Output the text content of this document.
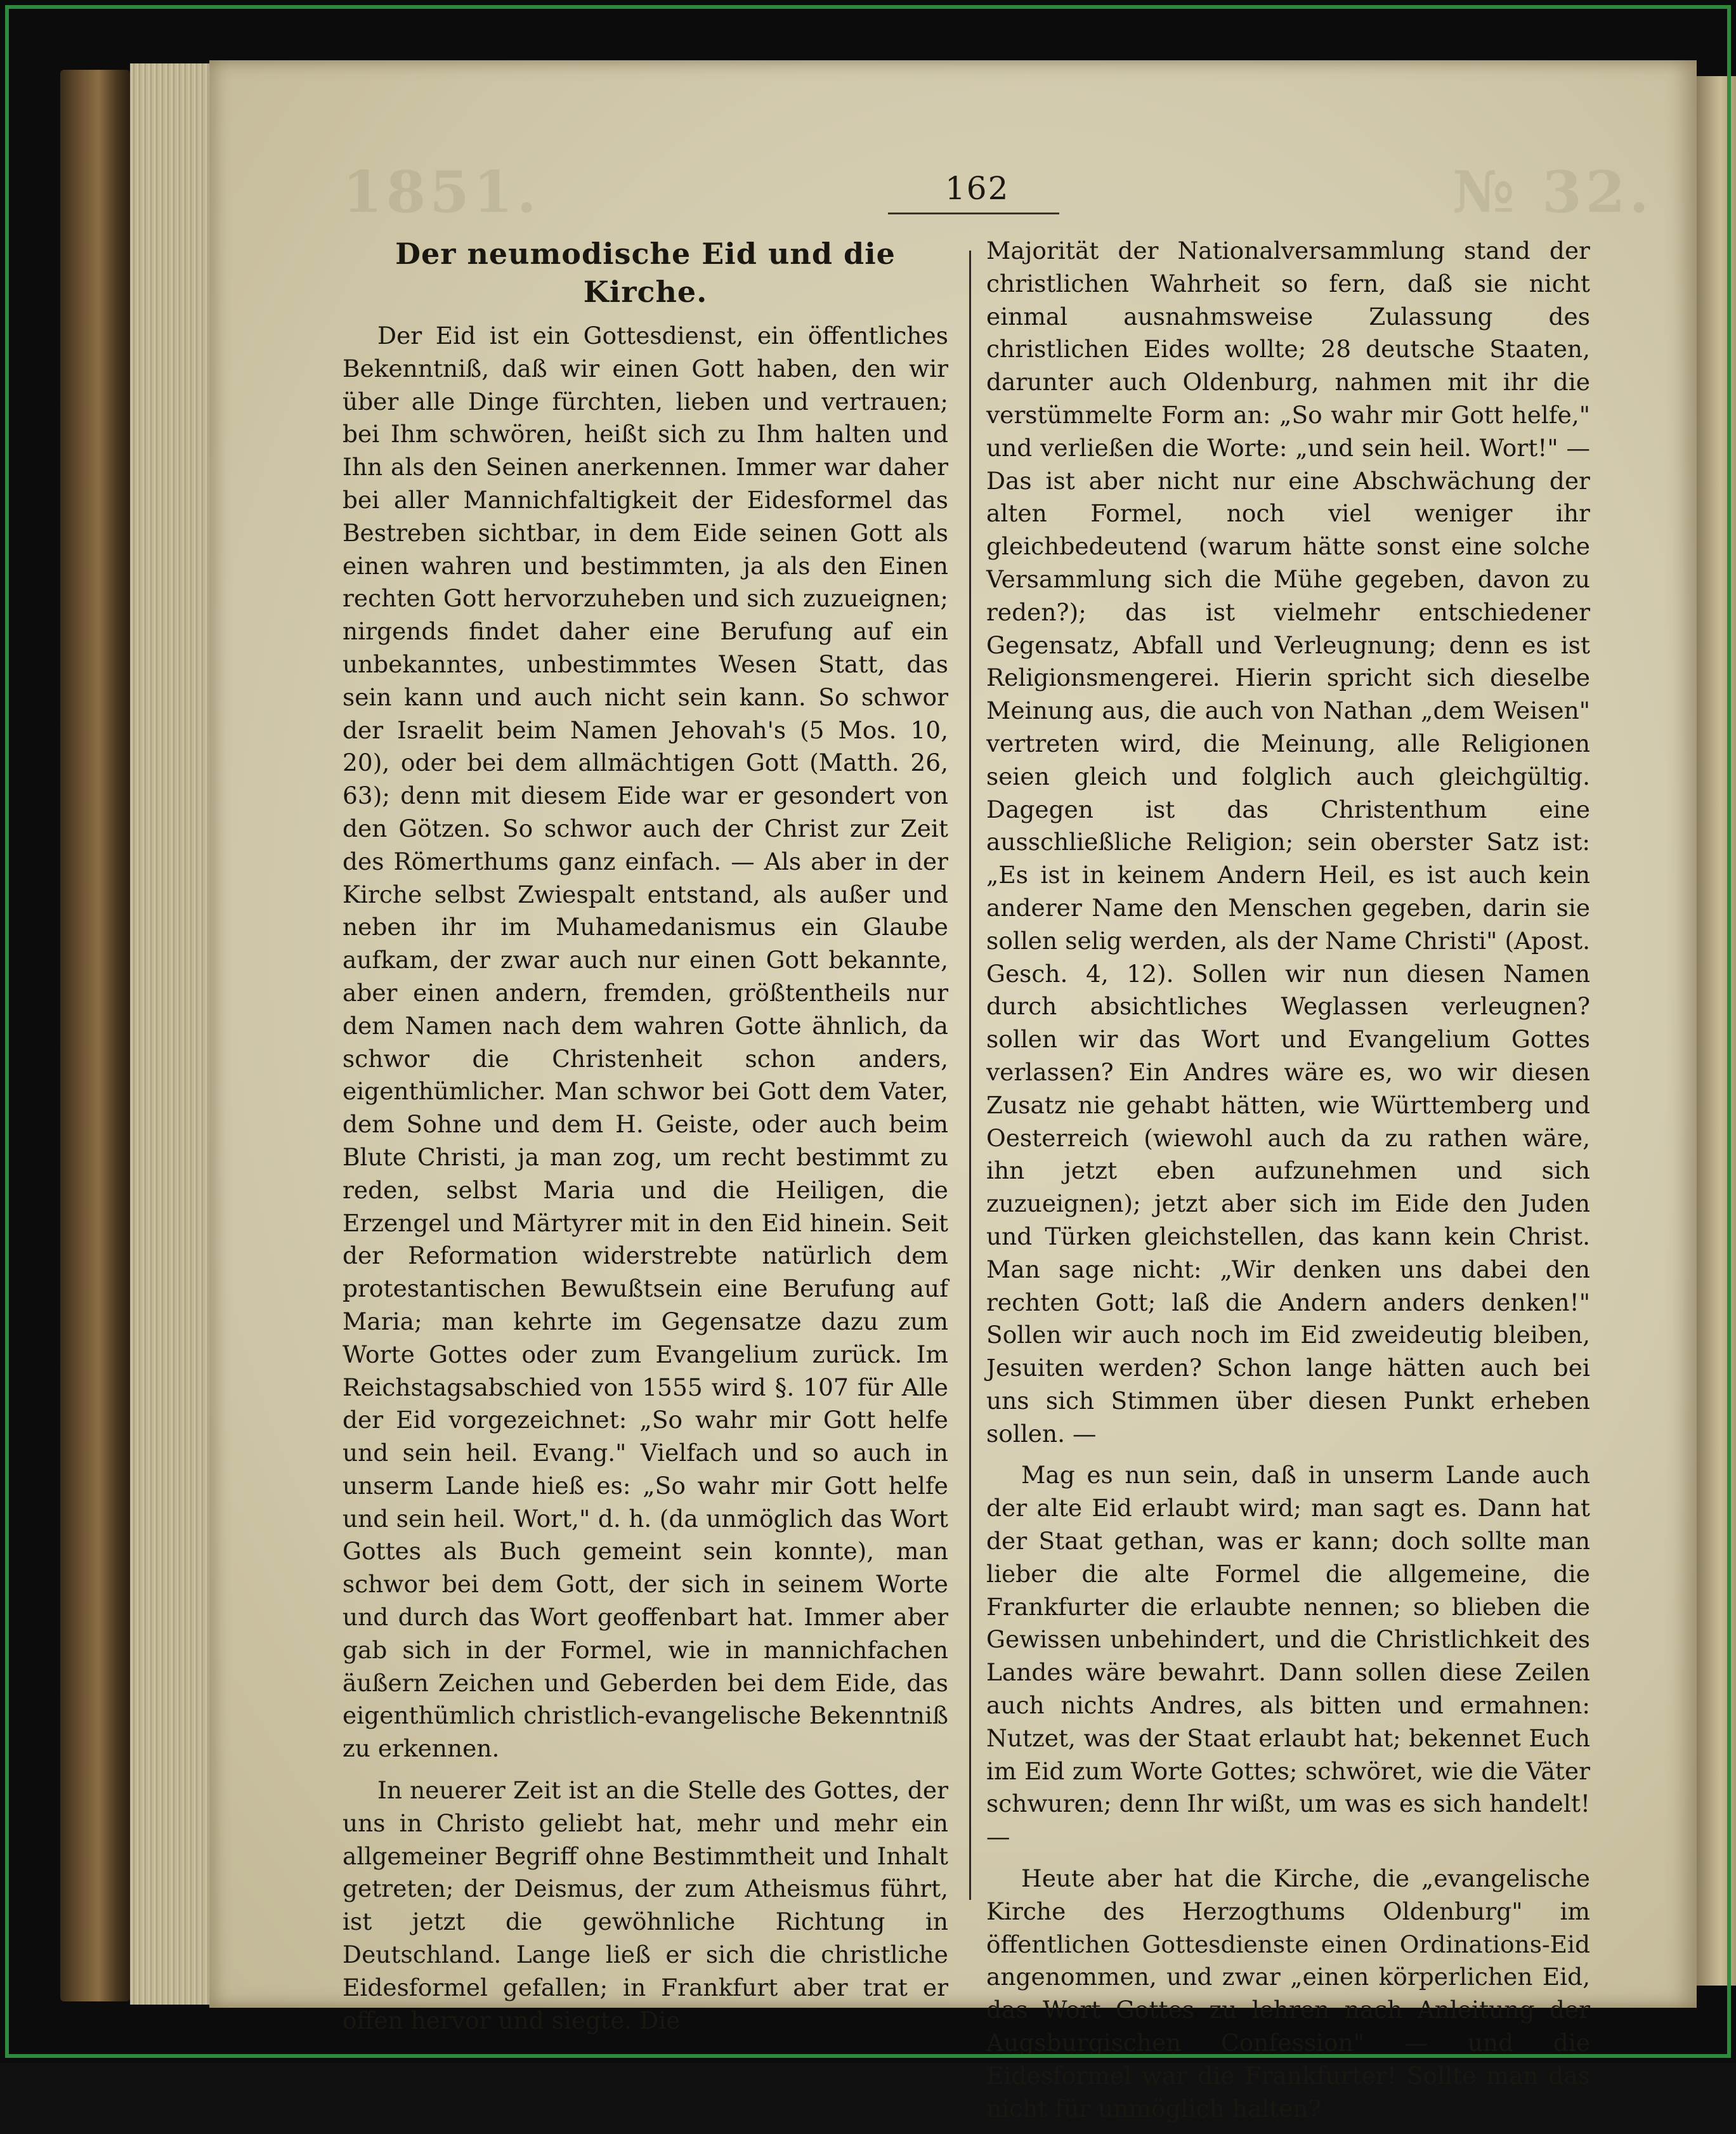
1851.	№ 32.
162
Der neumodische Eid und die Kirche.

Der Eid ist ein Gottesdienst, ein öffentliches Bekenntniß, daß wir einen Gott haben, den wir über alle Dinge fürchten, lieben und vertrauen; bei Ihm schwören, heißt sich zu Ihm halten und Ihn als den Seinen anerkennen. Immer war daher bei aller Mannichfaltigkeit der Eidesformel das Bestreben sichtbar, in dem Eide seinen Gott als einen wahren und bestimmten, ja als den Einen rechten Gott hervorzuheben und sich zuzueignen; nirgends findet daher eine Berufung auf ein unbekanntes, unbestimmtes Wesen Statt, das sein kann und auch nicht sein kann. So schwor der Israelit beim Namen Jehovah's (5 Mos. 10, 20), oder bei dem allmächtigen Gott (Matth. 26, 63); denn mit diesem Eide war er gesondert von den Götzen. So schwor auch der Christ zur Zeit des Römerthums ganz einfach. — Als aber in der Kirche selbst Zwiespalt entstand, als außer und neben ihr im Muhamedanismus ein Glaube aufkam, der zwar auch nur einen Gott bekannte, aber einen andern, fremden, größtentheils nur dem Namen nach dem wahren Gotte ähnlich, da schwor die Christenheit schon anders, eigenthümlicher. Man schwor bei Gott dem Vater, dem Sohne und dem H. Geiste, oder auch beim Blute Christi, ja man zog, um recht bestimmt zu reden, selbst Maria und die Heiligen, die Erzengel und Märtyrer mit in den Eid hinein. Seit der Reformation widerstrebte natürlich dem protestantischen Bewußtsein eine Berufung auf Maria; man kehrte im Gegensatze dazu zum Worte Gottes oder zum Evangelium zurück. Im Reichstagsabschied von 1555 wird §. 107 für Alle der Eid vorgezeichnet: „So wahr mir Gott helfe und sein heil. Evang." Vielfach und so auch in unserm Lande hieß es: „So wahr mir Gott helfe und sein heil. Wort," d. h. (da unmöglich das Wort Gottes als Buch gemeint sein konnte), man schwor bei dem Gott, der sich in seinem Worte und durch das Wort geoffenbart hat. Immer aber gab sich in der Formel, wie in mannichfachen äußern Zeichen und Geberden bei dem Eide, das eigenthümlich christlich-evangelische Bekenntniß zu erkennen.

In neuerer Zeit ist an die Stelle des Gottes, der uns in Christo geliebt hat, mehr und mehr ein allgemeiner Begriff ohne Bestimmtheit und Inhalt getreten; der Deismus, der zum Atheismus führt, ist jetzt die gewöhnliche Richtung in Deutschland. Lange ließ er sich die christliche Eidesformel gefallen; in Frankfurt aber trat er offen hervor und siegte. Die

Majorität der Nationalversammlung stand der christlichen Wahrheit so fern, daß sie nicht einmal ausnahmsweise Zulassung des christlichen Eides wollte; 28 deutsche Staaten, darunter auch Oldenburg, nahmen mit ihr die verstümmelte Form an: „So wahr mir Gott helfe," und verließen die Worte: „und sein heil. Wort!" — Das ist aber nicht nur eine Abschwächung der alten Formel, noch viel weniger ihr gleichbedeutend (warum hätte sonst eine solche Versammlung sich die Mühe gegeben, davon zu reden?); das ist vielmehr entschiedener Gegensatz, Abfall und Verleugnung; denn es ist Religionsmengerei. Hierin spricht sich dieselbe Meinung aus, die auch von Nathan „dem Weisen" vertreten wird, die Meinung, alle Religionen seien gleich und folglich auch gleichgültig. Dagegen ist das Christenthum eine ausschließliche Religion; sein oberster Satz ist: „Es ist in keinem Andern Heil, es ist auch kein anderer Name den Menschen gegeben, darin sie sollen selig werden, als der Name Christi" (Apost. Gesch. 4, 12). Sollen wir nun diesen Namen durch absichtliches Weglassen verleugnen? sollen wir das Wort und Evangelium Gottes verlassen? Ein Andres wäre es, wo wir diesen Zusatz nie gehabt hätten, wie Württemberg und Oesterreich (wiewohl auch da zu rathen wäre, ihn jetzt eben aufzunehmen und sich zuzueignen); jetzt aber sich im Eide den Juden und Türken gleichstellen, das kann kein Christ. Man sage nicht: „Wir denken uns dabei den rechten Gott; laß die Andern anders denken!" Sollen wir auch noch im Eid zweideutig bleiben, Jesuiten werden? Schon lange hätten auch bei uns sich Stimmen über diesen Punkt erheben sollen. —

Mag es nun sein, daß in unserm Lande auch der alte Eid erlaubt wird; man sagt es. Dann hat der Staat gethan, was er kann; doch sollte man lieber die alte Formel die allgemeine, die Frankfurter die erlaubte nennen; so blieben die Gewissen unbehindert, und die Christlichkeit des Landes wäre bewahrt. Dann sollen diese Zeilen auch nichts Andres, als bitten und ermahnen: Nutzet, was der Staat erlaubt hat; bekennet Euch im Eid zum Worte Gottes; schwöret, wie die Väter schwuren; denn Ihr wißt, um was es sich handelt! —

Heute aber hat die Kirche, die „evangelische Kirche des Herzogthums Oldenburg" im öffentlichen Gottesdienste einen Ordinations-Eid angenommen, und zwar „einen körperlichen Eid, das Wort Gottes zu lehren nach Anleitung der Augsburgischen Confession" — und die Eidesformel war die Frankfurter! Sollte man das nicht für unmöglich halten?
